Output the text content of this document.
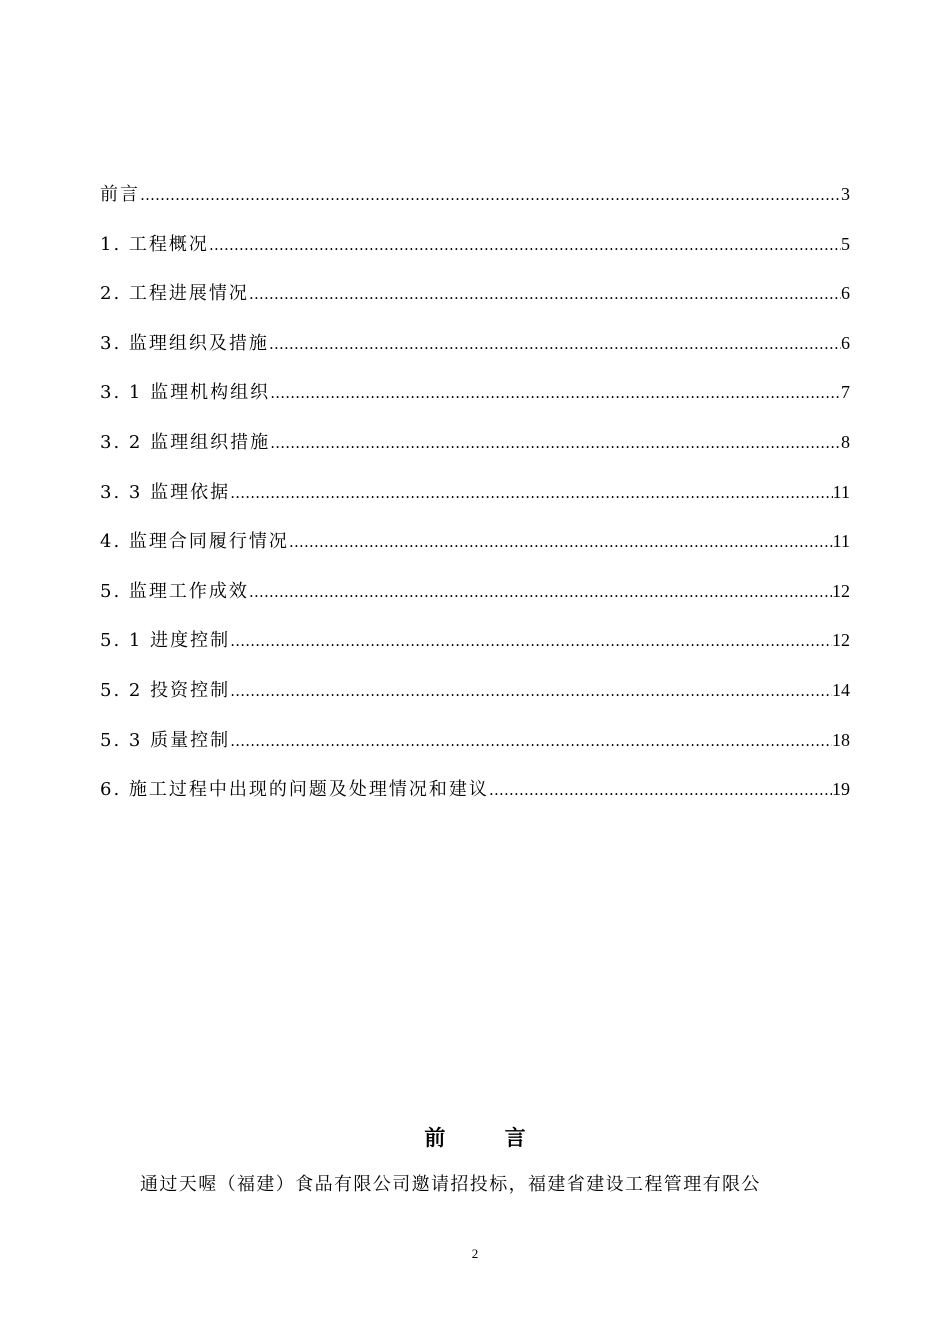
前言 ……………………………………………………………………………………………………………………………………………………………………………………	3
1. 工程概况 ……………………………………………………………………………………………………………………………………………………………………………………	5
2. 工程进展情况 ……………………………………………………………………………………………………………………………………………………………………………………	6
3. 监理组织及措施 ……………………………………………………………………………………………………………………………………………………………………………………	6
3. 1 监理机构组织 ……………………………………………………………………………………………………………………………………………………………………………………	7
3. 2 监理组织措施 ……………………………………………………………………………………………………………………………………………………………………………………	8
3. 3 监理依据 ……………………………………………………………………………………………………………………………………………………………………………………	11
4. 监理合同履行情况 ……………………………………………………………………………………………………………………………………………………………………………………	11
5. 监理工作成效 ……………………………………………………………………………………………………………………………………………………………………………………	12
5. 1 进度控制 ……………………………………………………………………………………………………………………………………………………………………………………	12
5. 2 投资控制 ……………………………………………………………………………………………………………………………………………………………………………………	14
5. 3 质量控制 ……………………………………………………………………………………………………………………………………………………………………………………	18
6. 施工过程中出现的问题及处理情况和建议 ……………………………………………………………………………………………………………………………………………………………………………………	19
前 言
通过天喔（福建）食品有限公司邀请招投标，福建省建设工程管理有限公
2
